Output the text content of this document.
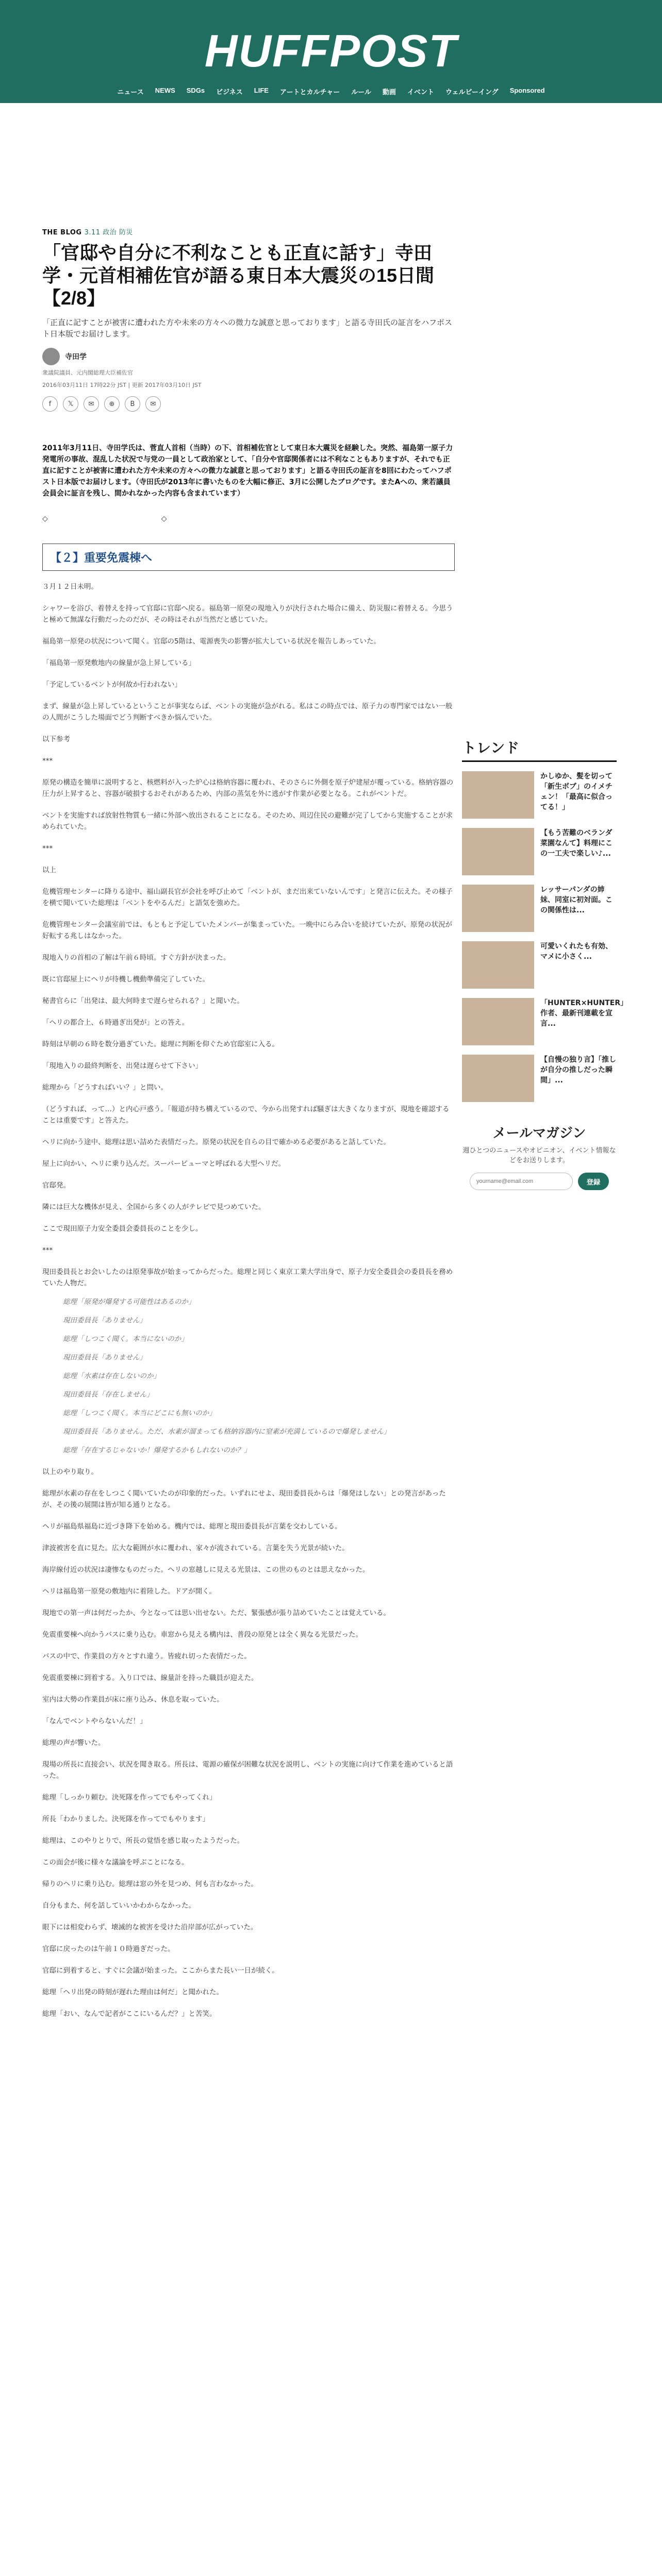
HUFFPOST
ニュース NEWS SDGs ビジネス LIFE アートとカルチャー ルール 動画 イベント ウェルビーイング Sponsored
THE BLOG 3.11 政治 防災
「官邸や自分に不利なことも正直に話す」寺田学・元首相補佐官が語る東日本大震災の15日間【2/8】

「正直に記すことが被害に遭われた方や未来の方々への微力な誠意と思っております」と語る寺田氏の証言をハフポスト日本版でお届けします。

寺田学
衆議院議員、元内閣総理大臣補佐官
2016年03月11日 17時22分 JST | 更新 2017年03月10日 JST
f	𝕏	✉	⊕	B	✉

2011年3月11日、寺田学氏は、菅直人首相（当時）の下、首相補佐官として東日本大震災を経験した。突然、福島第一原子力発電所の事故、混乱した状況で与党の一員として政治家として、「自分や官邸関係者には不利なこともありますが、それでも正直に記すことが被害に遭われた方や未来の方々への微力な誠意と思っております」と語る寺田氏の証言を8回にわたってハフポスト日本版でお届けします。（寺田氏が2013年に書いたものを大幅に修正、3月に公開したブログです。またAへの、衆若議員会員会に証言を残し、間かれなかった内容も含まれています）

◇	◇
【２】重要免震棟へ

３月１２日未明。

シャワーを浴び、着替えを持って官邸に官邸へ戻る。福島第一原発の現地入りが決行された場合に備え、防災服に着替える。今思うと極めて無謀な行動だったのだが、その時はそれが当然だと感じていた。

福島第一原発の状況について聞く。官邸の5階は、電源喪失の影響が拡大している状況を報告しあっていた。

「福島第一原発敷地内の線量が急上昇している」

「予定しているベントが何故か行われない」

まず、線量が急上昇しているということが事実ならば、ベントの実施が急がれる。私はこの時点では、原子力の専門家ではない一般の人間がこうした場面でどう判断すべきか悩んでいた。

以下参考

***

原発の構造を簡単に説明すると、核燃料が入った炉心は格納容器に覆われ、そのさらに外側を原子炉建屋が覆っている。格納容器の圧力が上昇すると、容器が破損するおそれがあるため、内部の蒸気を外に逃がす作業が必要となる。これがベントだ。

ベントを実施すれば放射性物質も一緒に外部へ放出されることになる。そのため、周辺住民の避難が完了してから実施することが求められていた。

***

以上

危機管理センターに降りる途中、福山副長官が会社を呼び止めて「ベントが、まだ出来ていないんです」と発言に伝えた。その様子を横で聞いていた総理は「ベントをやるんだ」と語気を強めた。

危機管理センター会議室前では、もともと予定していたメンバーが集まっていた。一晩中にらみ合いを続けていたが、原発の状況が好転する兆しはなかった。

現地入りの首相の了解は午前６時頃。すぐ方針が決まった。

既に官邸屋上にヘリが待機し機動準備完了していた。

秘書官らに「出発は、最大何時まで遅らせられる？」と聞いた。

「ヘリの都合上、６時過ぎ出発が」との答え。

時刻は早朝の６時を数分過ぎていた。総理に判断を仰ぐため官邸室に入る。

「現地入りの最終判断を、出発は遅らせて下さい」

総理から「どうすればいい？」と問い。

（どうすれば、って…）と内心戸惑う。「報道が持ち構えているので、今から出発すれば騒ぎは大きくなりますが、現地を確認することは重要です」と答えた。

ヘリに向かう途中、総理は思い詰めた表情だった。原発の状況を自らの目で確かめる必要があると話していた。

屋上に向かい、ヘリに乗り込んだ。スーパーピューマと呼ばれる大型ヘリだ。

官邸発。

隣には巨大な機体が見え、全国から多くの人がテレビで見つめていた。

ここで現田原子力安全委員会委員長のことを少し。

***

現田委員長とお会いしたのは原発事故が始まってからだった。総理と同じく東京工業大学出身で、原子力安全委員会の委員長を務めていた人物だ。

総理「原発が爆発する可能性はあるのか」

現田委員長「ありません」

総理「しつこく聞く。本当にないのか」

現田委員長「ありません」

総理「水素は存在しないのか」

現田委員長「存在しません」

総理「しつこく聞く。本当にどこにも無いのか」

現田委員長「ありません。ただ、水素が溜まっても格納容器内に窒素が充満しているので爆発しません」

総理「存在するじゃないか！爆発するかもしれないのか？」

以上のやり取り。

総理が水素の存在をしつこく聞いていたのが印象的だった。いずれにせよ、現田委員長からは「爆発はしない」との発言があったが、その後の展開は皆が知る通りとなる。

ヘリが福島県福島に近づき降下を始める。機内では、総理と現田委員長が言葉を交わしている。

津波被害を直に見た。広大な範囲が水に覆われ、家々が流されている。言葉を失う光景が続いた。

海岸線付近の状況は凄惨なものだった。ヘリの窓越しに見える光景は、この世のものとは思えなかった。

ヘリは福島第一原発の敷地内に着陸した。ドアが開く。

現地での第一声は何だったか、今となっては思い出せない。ただ、緊張感が張り詰めていたことは覚えている。

免震重要棟へ向かうバスに乗り込む。車窓から見える構内は、普段の原発とは全く異なる光景だった。

バスの中で、作業員の方々とすれ違う。皆疲れ切った表情だった。

免震重要棟に到着する。入り口では、線量計を持った職員が迎えた。

室内は大勢の作業員が床に座り込み、休息を取っていた。

「なんでベントやらないんだ！」

総理の声が響いた。

現場の所長に直接会い、状況を聞き取る。所長は、電源の確保が困難な状況を説明し、ベントの実施に向けて作業を進めていると語った。

総理「しっかり頼む。決死隊を作ってでもやってくれ」

所長「わかりました。決死隊を作ってでもやります」

総理は、このやりとりで、所長の覚悟を感じ取ったようだった。

この面会が後に様々な議論を呼ぶことになる。

帰りのヘリに乗り込む。総理は窓の外を見つめ、何も言わなかった。

自分もまた、何を話していいかわからなかった。

眼下には相変わらず、壊滅的な被害を受けた沿岸部が広がっていた。

官邸に戻ったのは午前１０時過ぎだった。

官邸に到着すると、すぐに会議が始まった。ここからまた長い一日が続く。

総理「ヘリ出発の時刻が遅れた理由は何だ」と聞かれた。

総理「おい、なんで記者がここにいるんだ？」と苦笑。

トレンド
かしゆか、髪を切って「新生ボブ」のイメチェン！「最高に似合ってる！」
【もう苦難のベランダ菜園なんて】料理にこの一工夫で楽しい♪...
レッサーパンダの姉妹、同室に初対面。この関係性は...
可愛いくれたも有効、マメに小さく...
「HUNTER×HUNTER」作者、最新刊連載を宣言...
【自慢の独り言】「推しが自分の推しだった瞬間」...
メールマガジン

週ひとつのニュースやオピニオン、イベント情報などをお送りします。

yourname@email.com
登録
